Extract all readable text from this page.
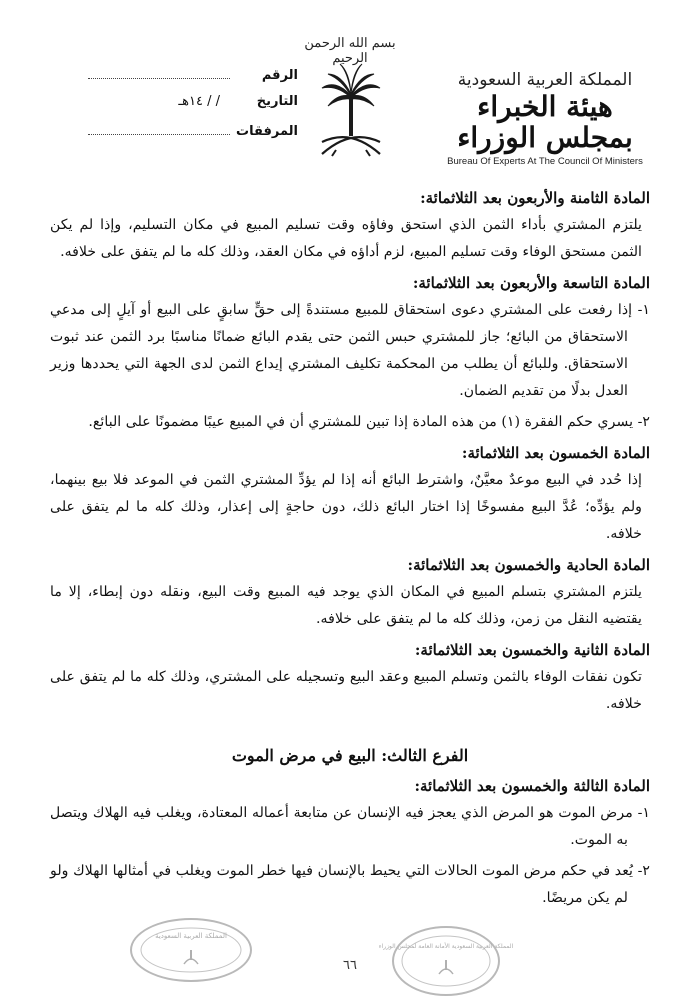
بسم الله الرحمن الرحيم
المملكة العربية السعودية
هيئة الخبراء بمجلس الوزراء
Bureau Of Experts At The Council Of Ministers
الرقم
التاريخ
/ / ١٤هـ
المرفقات

المادة الثامنة والأربعون بعد الثلاثمائة:

يلتزم المشتري بأداء الثمن الذي استحق وفاؤه وقت تسليم المبيع في مكان التسليم، وإذا لم يكن الثمن مستحق الوفاء وقت تسليم المبيع، لزم أداؤه في مكان العقد، وذلك كله ما لم يتفق على خلافه.

المادة التاسعة والأربعون بعد الثلاثمائة:

١- إذا رفعت على المشتري دعوى استحقاق للمبيع مستندةً إلى حقٍّ سابقٍ على البيع أو آيلٍ إلى مدعي الاستحقاق من البائع؛ جاز للمشتري حبس الثمن حتى يقدم البائع ضمانًا مناسبًا برد الثمن عند ثبوت الاستحقاق. وللبائع أن يطلب من المحكمة تكليف المشتري إيداع الثمن لدى الجهة التي يحددها وزير العدل بدلًا من تقديم الضمان.

٢- يسري حكم الفقرة (١) من هذه المادة إذا تبين للمشتري أن في المبيع عيبًا مضمونًا على البائع.

المادة الخمسون بعد الثلاثمائة:

إذا حُدد في البيع موعدٌ معيَّنٌ، واشترط البائع أنه إذا لم يؤدِّ المشتري الثمن في الموعد فلا بيع بينهما، ولم يؤدِّه؛ عُدَّ البيع مفسوخًا إذا اختار البائع ذلك، دون حاجةٍ إلى إعذار، وذلك كله ما لم يتفق على خلافه.

المادة الحادية والخمسون بعد الثلاثمائة:

يلتزم المشتري بتسلم المبيع في المكان الذي يوجد فيه المبيع وقت البيع، ونقله دون إبطاء، إلا ما يقتضيه النقل من زمن، وذلك كله ما لم يتفق على خلافه.

المادة الثانية والخمسون بعد الثلاثمائة:

تكون نفقات الوفاء بالثمن وتسلم المبيع وعقد البيع وتسجيله على المشتري، وذلك كله ما لم يتفق على خلافه.

الفرع الثالث: البيع في مرض الموت

المادة الثالثة والخمسون بعد الثلاثمائة:

١- مرض الموت هو المرض الذي يعجز فيه الإنسان عن متابعة أعماله المعتادة، ويغلب فيه الهلاك ويتصل به الموت.

٢- يُعد في حكم مرض الموت الحالات التي يحيط بالإنسان فيها خطر الموت ويغلب في أمثالها الهلاك ولو لم يكن مريضًا.

المملكة العربية السعودية
٦٦
المملكة العربية السعودية الأمانة العامة لمجلس الوزراء
